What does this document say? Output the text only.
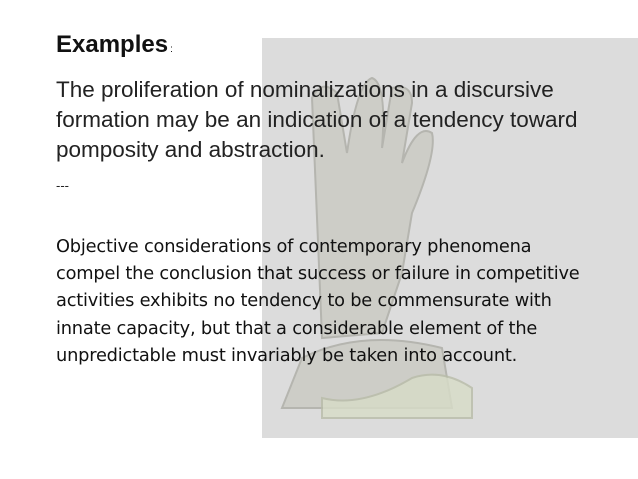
Examples :
The proliferation of nominalizations in a discursive formation may be an indication of a tendency toward pomposity and abstraction.
---
Objective considerations of contemporary phenomena compel the conclusion that success or failure in competitive activities exhibits no tendency to be commensurate with innate capacity, but that a considerable element of the unpredictable must invariably be taken into account.
